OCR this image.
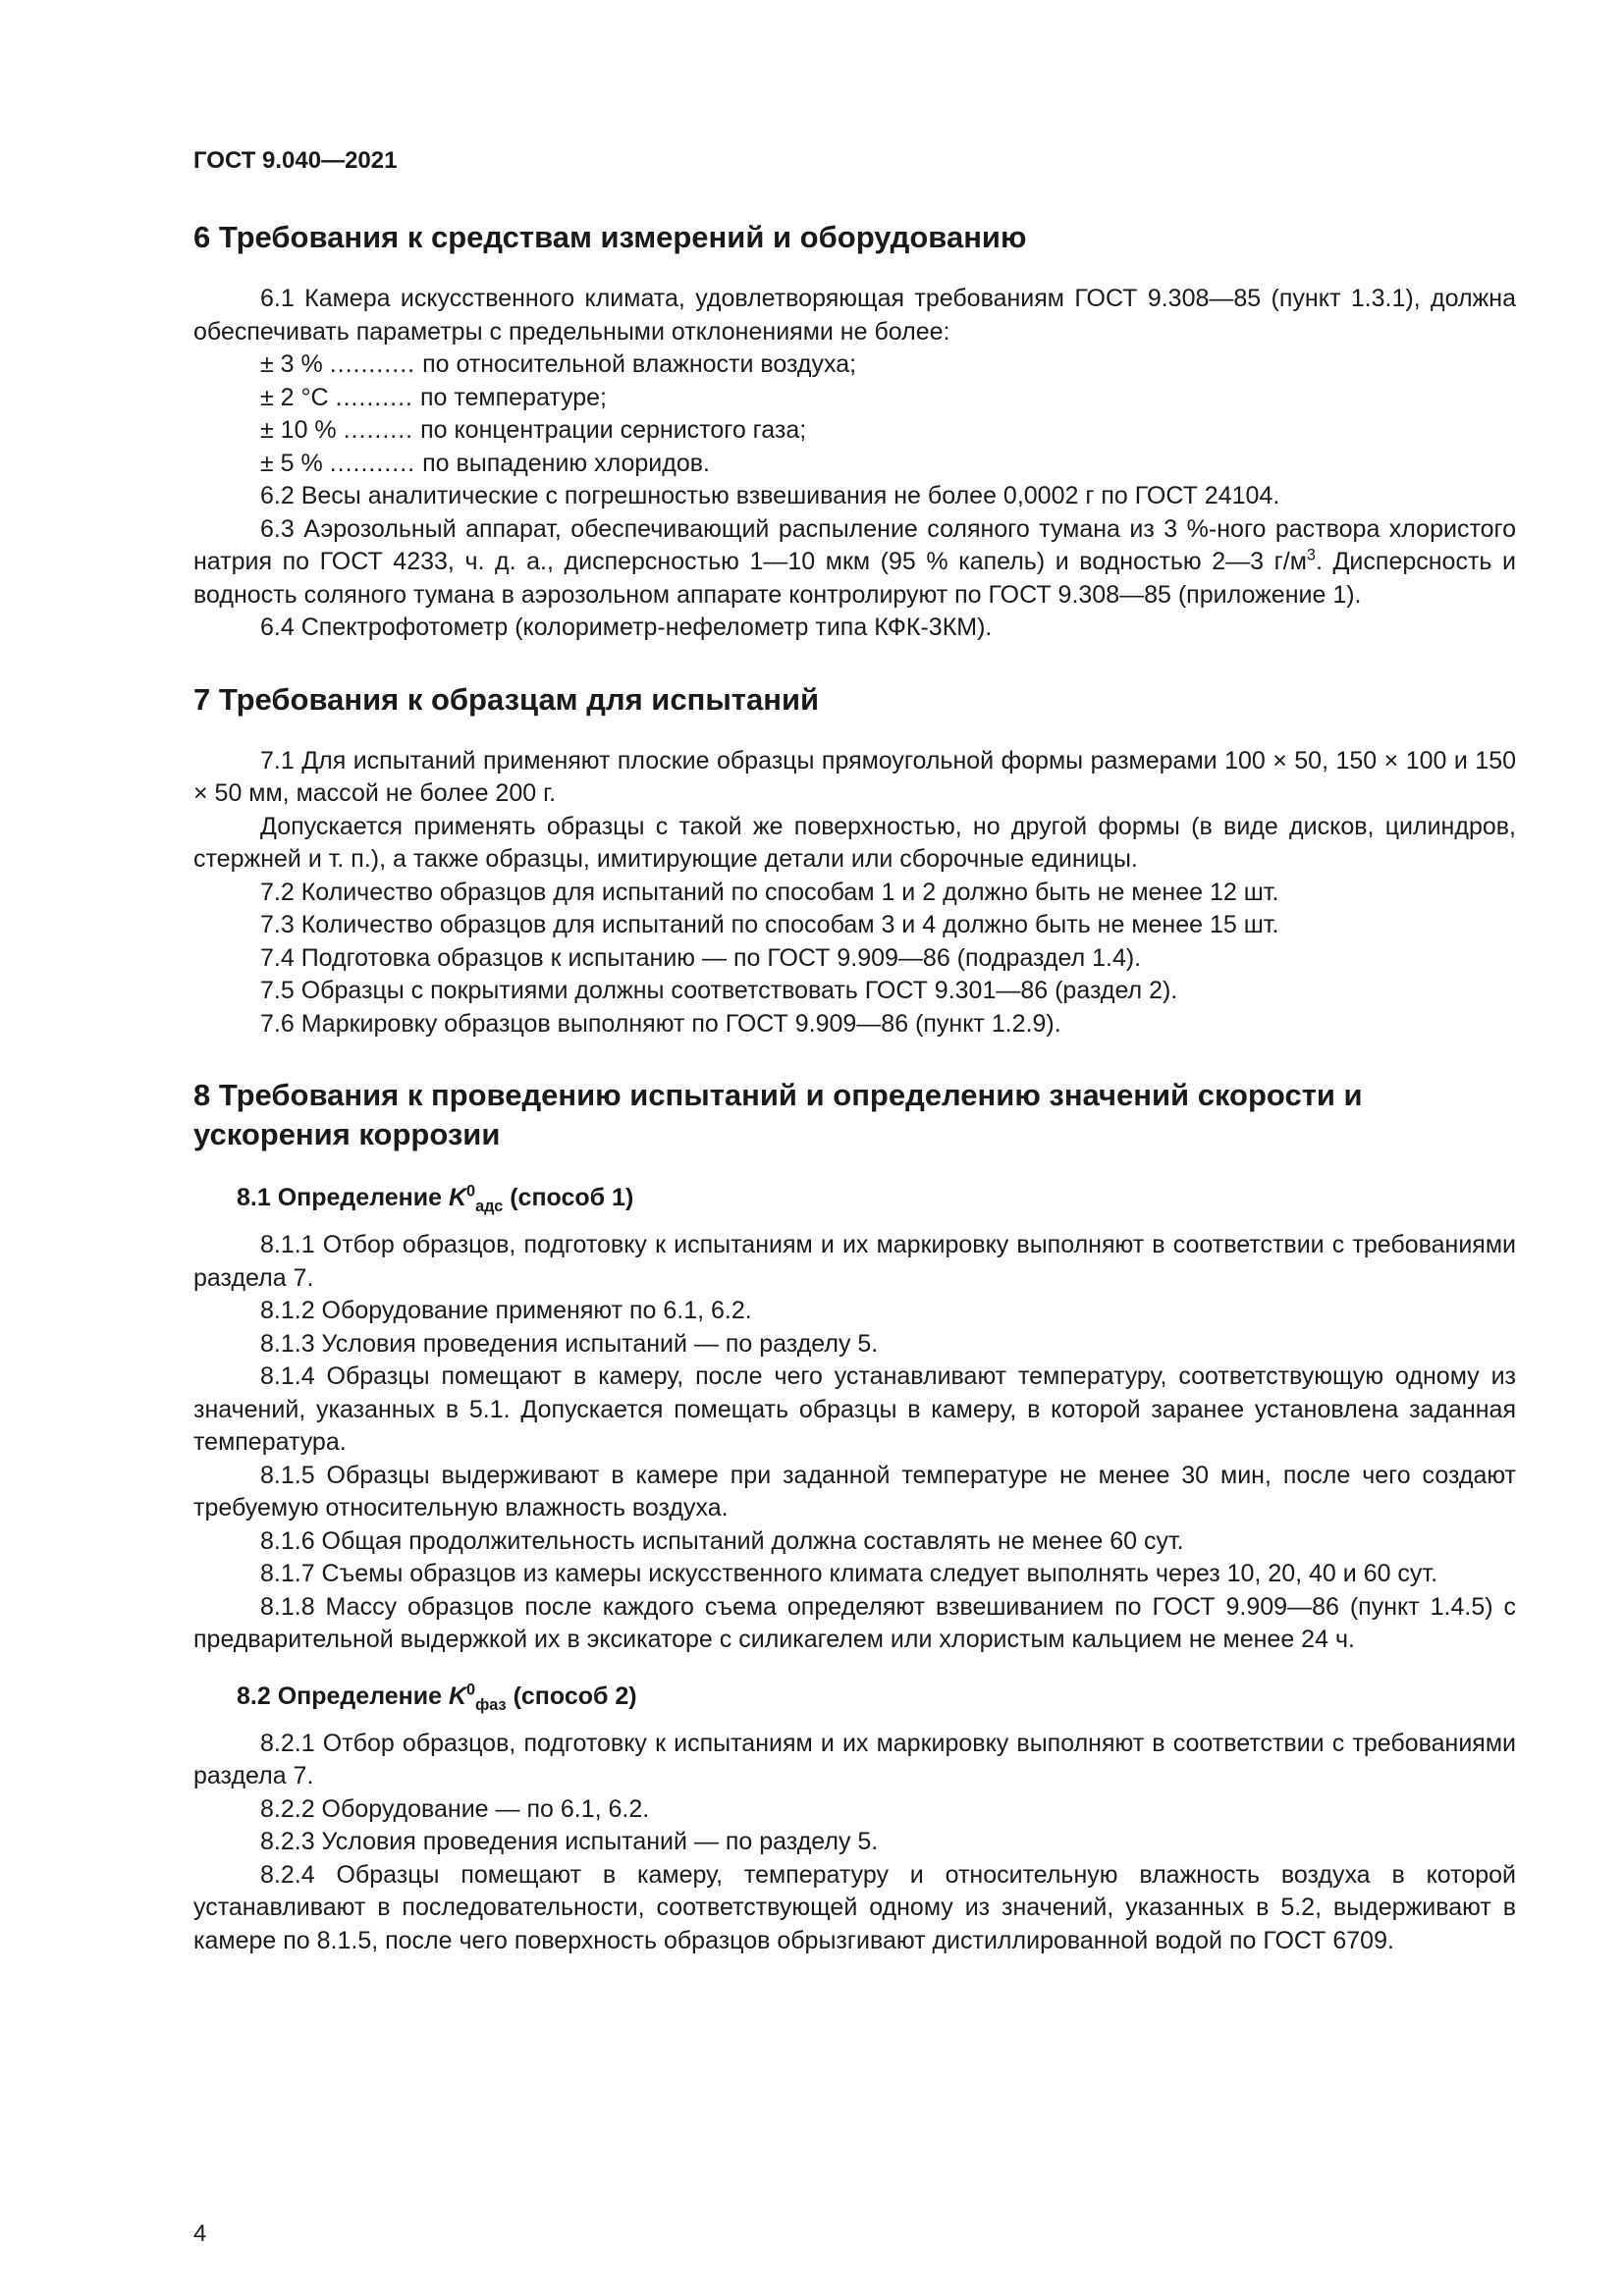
ГОСТ 9.040—2021
6 Требования к средствам измерений и оборудованию

6.1 Камера искусственного климата, удовлетворяющая требованиям ГОСТ 9.308—85 (пункт 1.3.1), должна обеспечивать параметры с предельными отклонениями не более:

± 3 %
...........
по относительной влажности воздуха;
± 2 °С
..........
по температуре;
± 10 %
.........
по концентрации сернистого газа;
± 5 %
...........
по выпадению хлоридов.

6.2 Весы аналитические с погрешностью взвешивания не более 0,0002 г по ГОСТ 24104.

6.3 Аэрозольный аппарат, обеспечивающий распыление соляного тумана из 3 %-ного раствора хлористого натрия по ГОСТ 4233, ч. д. а., дисперсностью 1—10 мкм (95 % капель) и водностью 2—3 $г/м^3$. Дисперсность и водность соляного тумана в аэрозольном аппарате контролируют по ГОСТ 9.308—85 (приложение 1).

6.4 Спектрофотометр (колориметр-нефелометр типа КФК-3КМ).

7 Требования к образцам для испытаний

7.1 Для испытаний применяют плоские образцы прямоугольной формы размерами 100 × 50, 150 × 100 и 150 × 50 мм, массой не более 200 г.

Допускается применять образцы с такой же поверхностью, но другой формы (в виде дисков, цилиндров, стержней и т. п.), а также образцы, имитирующие детали или сборочные единицы.

7.2 Количество образцов для испытаний по способам 1 и 2 должно быть не менее 12 шт.

7.3 Количество образцов для испытаний по способам 3 и 4 должно быть не менее 15 шт.

7.4 Подготовка образцов к испытанию — по ГОСТ 9.909—86 (подраздел 1.4).

7.5 Образцы с покрытиями должны соответствовать ГОСТ 9.301—86 (раздел 2).

7.6 Маркировку образцов выполняют по ГОСТ 9.909—86 (пункт 1.2.9).

8 Требования к проведению испытаний и определению значений скорости и ускорения коррозии
8.1 Определение $K^0_{адс}$ (способ 1)

8.1.1 Отбор образцов, подготовку к испытаниям и их маркировку выполняют в соответствии с требованиями раздела 7.

8.1.2 Оборудование применяют по 6.1, 6.2.

8.1.3 Условия проведения испытаний — по разделу 5.

8.1.4 Образцы помещают в камеру, после чего устанавливают температуру, соответствующую одному из значений, указанных в 5.1. Допускается помещать образцы в камеру, в которой заранее установлена заданная температура.

8.1.5 Образцы выдерживают в камере при заданной температуре не менее 30 мин, после чего создают требуемую относительную влажность воздуха.

8.1.6 Общая продолжительность испытаний должна составлять не менее 60 сут.

8.1.7 Съемы образцов из камеры искусственного климата следует выполнять через 10, 20, 40 и 60 сут.

8.1.8 Массу образцов после каждого съема определяют взвешиванием по ГОСТ 9.909—86 (пункт 1.4.5) с предварительной выдержкой их в эксикаторе с силикагелем или хлористым кальцием не менее 24 ч.

8.2 Определение $K^0_{фаз}$ (способ 2)

8.2.1 Отбор образцов, подготовку к испытаниям и их маркировку выполняют в соответствии с требованиями раздела 7.

8.2.2 Оборудование — по 6.1, 6.2.

8.2.3 Условия проведения испытаний — по разделу 5.

8.2.4 Образцы помещают в камеру, температуру и относительную влажность воздуха в которой устанавливают в последовательности, соответствующей одному из значений, указанных в 5.2, выдерживают в камере по 8.1.5, после чего поверхность образцов обрызгивают дистиллированной водой по ГОСТ 6709.

4
